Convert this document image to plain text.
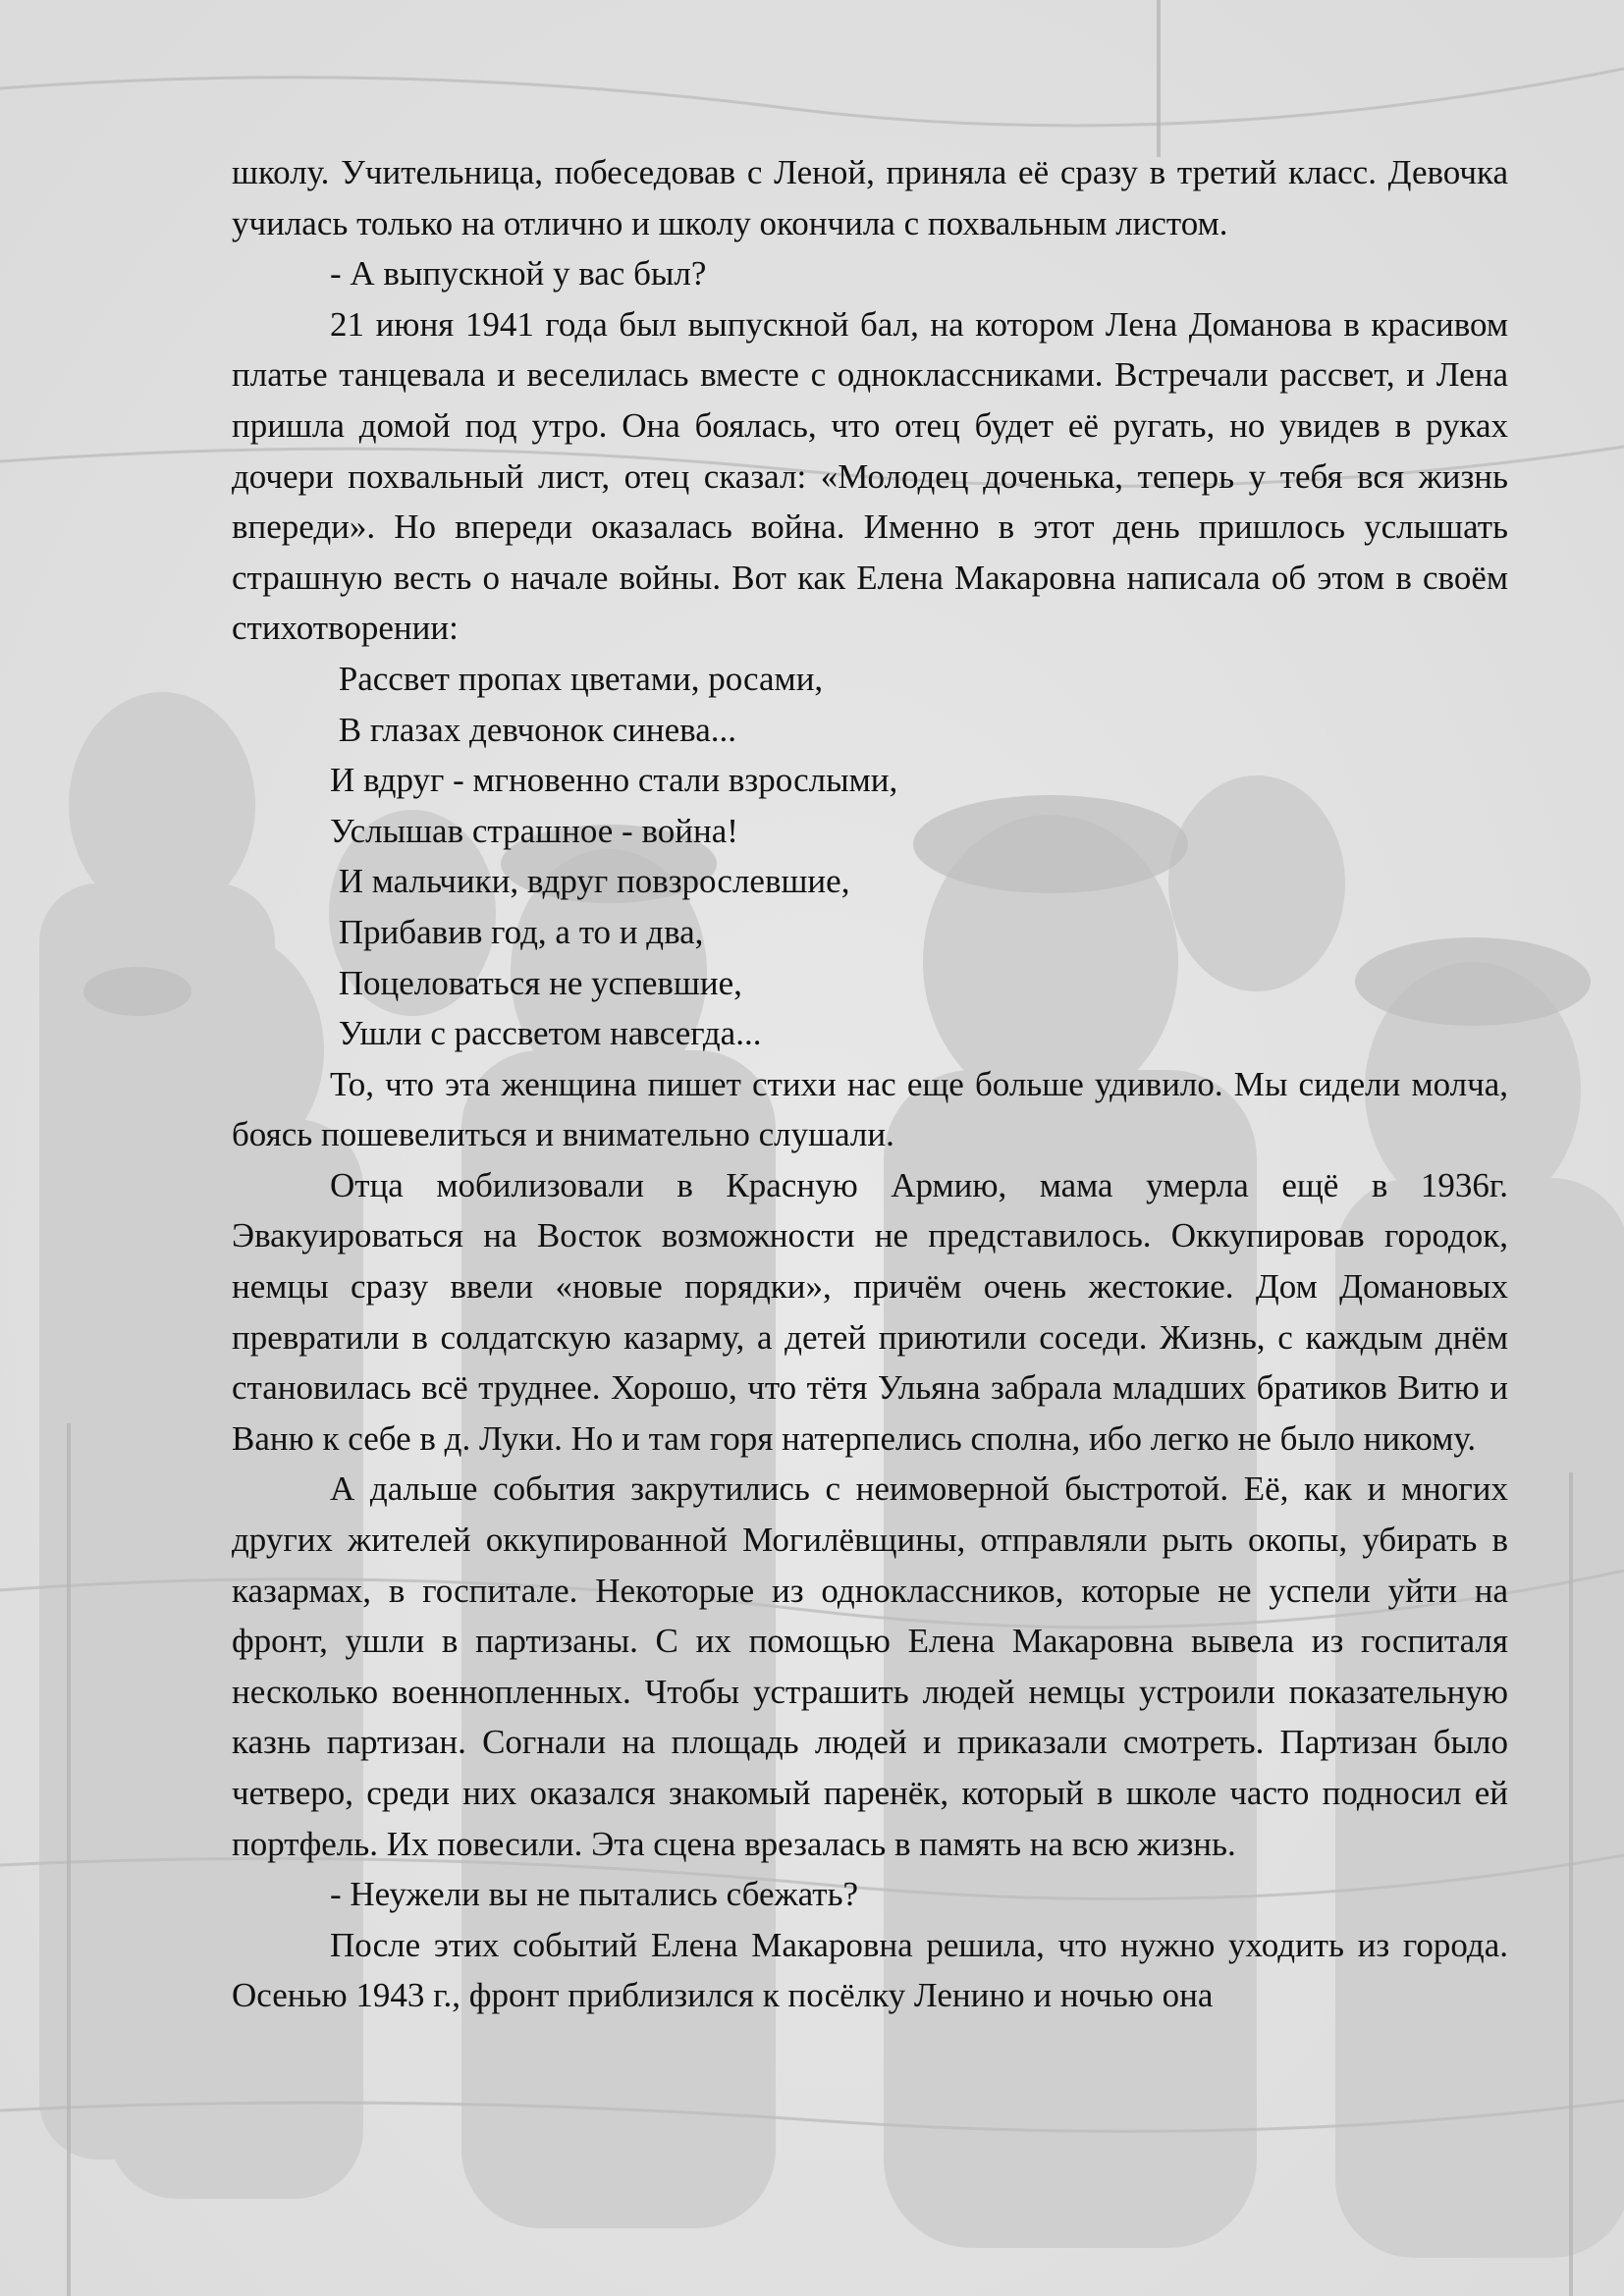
школу. Учительница, побеседовав с Леной, приняла её сразу в третий класс. Девочка училась только на отлично и школу окончила с похвальным листом.

- А выпускной у вас был?

21 июня 1941 года был выпускной бал, на котором Лена Доманова в красивом платье танцевала и веселилась вместе с одноклассниками. Встречали рассвет, и Лена пришла домой под утро. Она боялась, что отец будет её ругать, но увидев в руках дочери похвальный лист, отец сказал: «Молодец доченька, теперь у тебя вся жизнь впереди». Но впереди оказалась война. Именно в этот день пришлось услышать страшную весть о начале войны. Вот как Елена Макаровна написала об этом в своём стихотворении:

Рассвет пропах цветами, росами,
В глазах девчонок синева...
И вдруг - мгновенно стали взрослыми,
Услышав страшное - война!
И мальчики, вдруг повзрослевшие,
Прибавив год, а то и два,
Поцеловаться не успевшие,
Ушли с рассветом навсегда...

То, что эта женщина пишет стихи нас еще больше удивило. Мы сидели молча, боясь пошевелиться и внимательно слушали.

Отца мобилизовали в Красную Армию, мама умерла ещё в 1936г. Эвакуироваться на Восток возможности не представилось. Оккупировав городок, немцы сразу ввели «новые порядки», причём очень жестокие. Дом Домановых превратили в солдатскую казарму, а детей приютили соседи. Жизнь, с каждым днём становилась всё труднее. Хорошо, что тётя Ульяна забрала младших братиков Витю и Ваню к себе в д. Луки. Но и там горя натерпелись сполна, ибо легко не было никому.

А дальше события закрутились с неимоверной быстротой. Её, как и многих других жителей оккупированной Могилёвщины, отправляли рыть окопы, убирать в казармах, в госпитале. Некоторые из одноклассников, которые не успели уйти на фронт, ушли в партизаны. С их помощью Елена Макаровна вывела из госпиталя несколько военнопленных. Чтобы устрашить людей немцы устроили показательную казнь партизан. Согнали на площадь людей и приказали смотреть. Партизан было четверо, среди них оказался знакомый паренёк, который в школе часто подносил ей портфель. Их повесили. Эта сцена врезалась в память на всю жизнь.

- Неужели вы не пытались сбежать?

После этих событий Елена Макаровна решила, что нужно уходить из города. Осенью 1943 г., фронт приблизился к посёлку Ленино и ночью она
